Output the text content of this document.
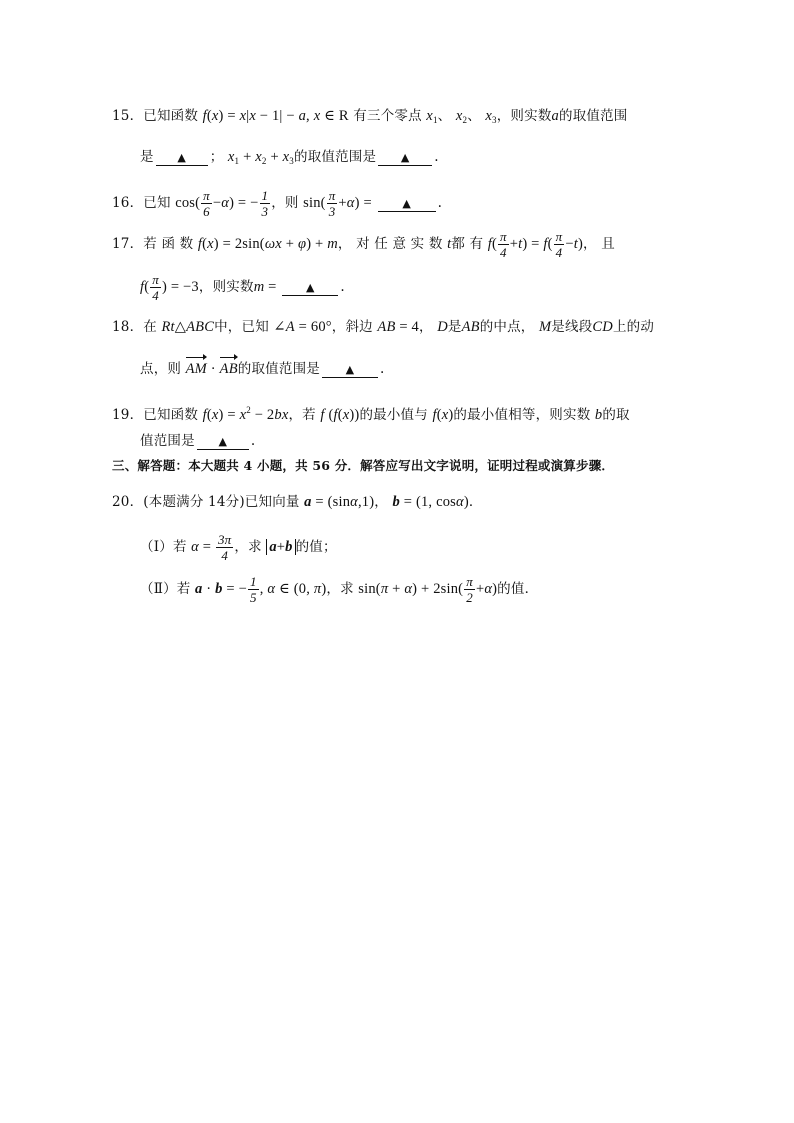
15．已知函数 f(x) = x|x − 1| − a, x ∈ R 有三个零点 $x_1$、 $x_2$、 $x_3$，则实数a的取值范围
是 ▲ ； $x_1 + x_2 + x_3$的取值范围是 ▲ .
16．已知 $\cos( \frac{\pi}{6} -\alpha)$ = − $\frac{1}{3}$ ，则 $\sin( \frac{\pi}{3} +\alpha)$ = ▲ .
17．若 函 数 f(x) = 2sin(ωx + φ) + m， 对 任 意 实 数 t都 有 $f( \frac{\pi}{4} +t) = f( \frac{\pi}{4} -t)$， 且
$f( \frac{\pi}{4}$ ) = −3，则实数m = ▲ .
18．在 Rt△ABC中，已知 ∠A = 60°，斜边 AB = 4， D是AB的中点， M是线段CD上的动
点，则 AM · AB的取值范围是 ▲ .
19．已知函数 $f(x) = x^2 - 2bx$，若 f (f(x))的最小值与 f(x)的最小值相等，则实数 b的取
值范围是 ▲ .
三、解答题：本大题共 4 小题，共 56 分．解答应写出文字说明，证明过程或演算步骤．
20．(本题满分 14分)已知向量 a = (sinα,1)， b = (1, cosα)．
（Ⅰ）若 $\alpha = \frac{3\pi}{4}$ ，求 a+b 的值；
（Ⅱ）若 a · b = − $\frac{1}{5}$ , α ∈ (0, π)，求 $\sin(\pi + \alpha) + 2\sin( \frac{\pi}{2} +\alpha)$的值．
